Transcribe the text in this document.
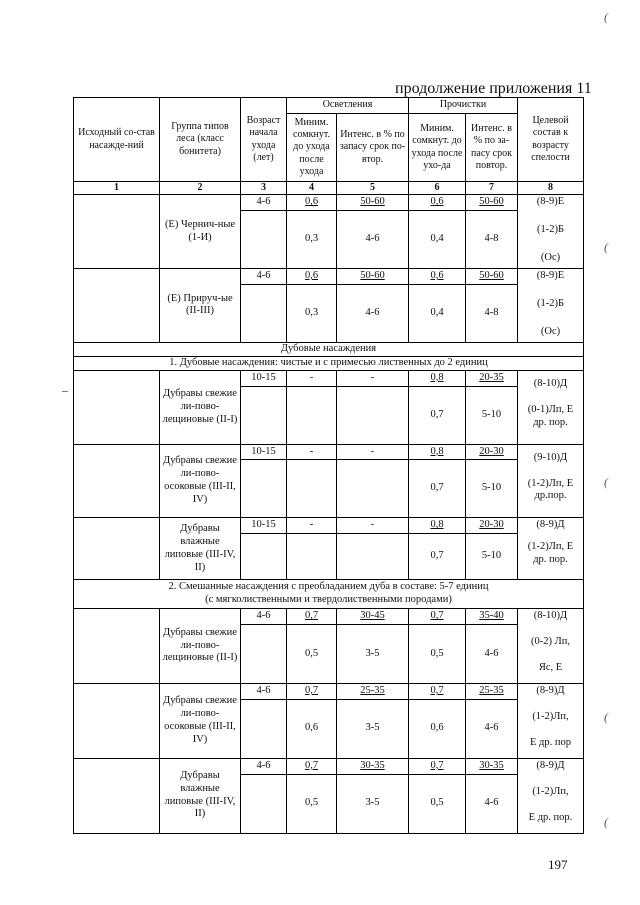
продолжение приложения 11
(
(
(
(
(
–
Исходный со-став насажде-ний	Группа типов леса (класс бонитета)	Возраст начала ухода (лет)	Осветления		Прочистки		Целевой состав к возрасту спелости
			Миним. сомкнут. до ухода после ухода	Интенс. в % по запасу срок по-втор.	Миним. сомкнут. до ухода после ухо-да	Интенс. в % по за-пасу срок повтор.	
1	2	3	4	5	6	7	8
	(Е) Чернич-ные (1-И)	4-6	0,6	50-60	0,6	50-60	(8-9)Е
(1-2)Б
(Ос)

			0,3	4-6	0,4	4-8	
	(Е) Прируч-ые (II-III)	4-6	0,6	50-60	0,6	50-60	(8-9)Е
(1-2)Б
(Ос)

			0,3	4-6	0,4	4-8	
Дубовые насаждения							
1. Дубовые насаждения: чистые и с примесью лиственных до 2 единиц							
	Дубравы свежие ли-пово-лещиновые (II-I)	10-15	-	-	0,8	20-35	(8-10)Д
(0-1)Лп, Е др. пор.

					0,7	5-10	
	Дубравы свежие ли-пово-осоковые (III-II, IV)	10-15	-	-	0,8	20-30	(9-10)Д
(1-2)Лп, Е др.пор.

					0,7	5-10	
	Дубравы влажные липовые (III-IV, II)	10-15	-	-	0,8	20-30	(8-9)Д
(1-2)Лп, Е др. пор.

					0,7	5-10	

2. Смешанные насаждения с преобладанием дуба в составе: 5-7 единиц
(с мягколиственными и твердолиственными породами)							

	Дубравы свежие ли-пово-лещиновые (II-I)	4-6	0,7	30-45	0,7	35-40	(8-10)Д
(0-2) Лп,
Яс, Е

			0,5	3-5	0,5	4-6	
	Дубравы свежие ли-пово-осоковые (III-II, IV)	4-6	0,7	25-35	0,7	25-35	(8-9)Д
(1-2)Лп,
Е др. пор

			0,6	3-5	0,6	4-6	
	Дубравы влажные липовые (III-IV, II)	4-6	0,7	30-35	0,7	30-35	(8-9)Д
(1-2)Лп,
Е др. пор.

			0,5	3-5	0,5	4-6	
197
